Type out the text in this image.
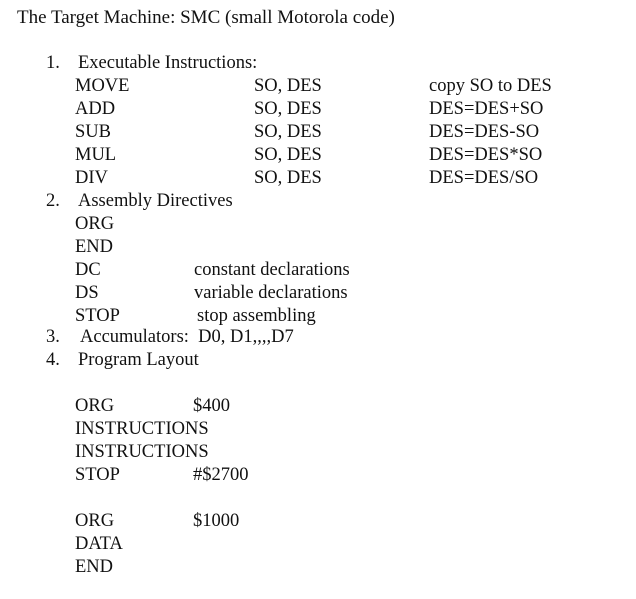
The Target Machine: SMC (small Motorola code)
1. Executable Instructions:
MOVE	SO, DES	copy SO to DES
ADD	SO, DES	DES=DES+SO
SUB	SO, DES	DES=DES-SO
MUL	SO, DES	DES=DES*SO
DIV	SO, DES	DES=DES/SO
2. Assembly Directives
ORG
END
DC	constant declarations
DS	variable declarations
STOP	stop assembling
3. Accumulators:  D0, D1,,,,D7
4. Program Layout
ORG	$400
INSTRUCTIONS
INSTRUCTIONS
STOP	#$2700
ORG	$1000
DATA
END
